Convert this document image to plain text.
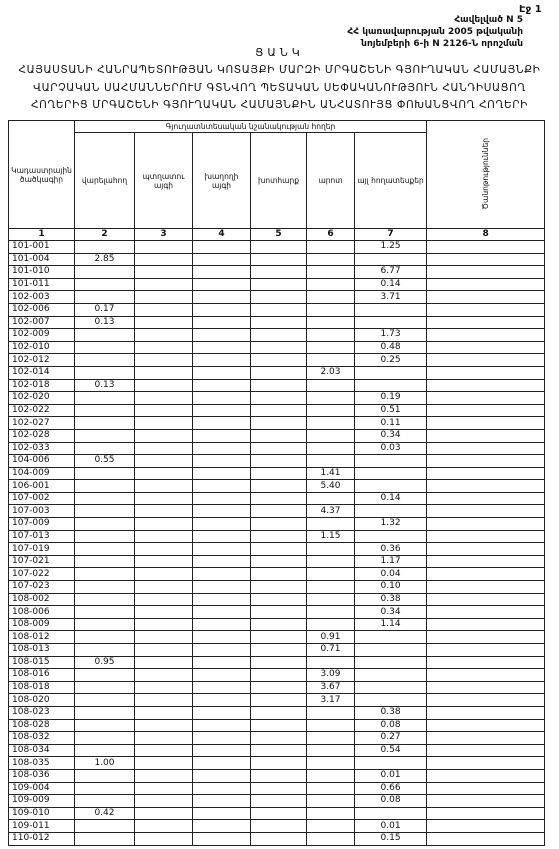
Էջ 1
Հավելված N 5
ՀՀ կառավարության 2005 թվականի
նոյեմբերի 6-ի N 2126-Ն որոշման
ՑԱՆԿ
ՀԱՅԱՍՏԱՆԻ ՀԱՆՐԱՊԵՏՈՒԹՅԱՆ ԿՈՏԱՅՔԻ ՄԱՐԶԻ ՄՐԳԱՇԵՆԻ ԳՅՈՒՂԱԿԱՆ ՀԱՄԱՅՆՔԻ
ՎԱՐՉԱԿԱՆ ՍԱՀՄԱՆՆԵՐՈՒՄ ԳՏՆՎՈՂ ՊԵՏԱԿԱՆ ՍԵՓԱԿԱՆՈՒԹՅՈՒՆ ՀԱՆԴԻՍԱՑՈՂ
ՀՈՂԵՐԻՑ ՄՐԳԱՇԵՆԻ ԳՅՈՒՂԱԿԱՆ ՀԱՄԱՅՆՔԻՆ ԱՆՀԱՏՈՒՅՑ ՓՈԽԱՆՑՎՈՂ ՀՈՂԵՐԻ
Կադաստրային ծածկագիր	Գյուղատնտեսական նշանակության հողեր						Ծանոթություններ
	վարելահող	պտղատու այգի	խաղողի այգի	խոտհարք	արոտ	այլ հողատեսքեր	
1	2	3	4	5	6	7	8
101-001						1.25	
101-004	2.85						
101-010						6.77	
101-011						0.14	
102-003						3.71	
102-006	0.17						
102-007	0.13						
102-009						1.73	
102-010						0.48	
102-012						0.25	
102-014					2.03		
102-018	0.13						
102-020						0.19	
102-022						0.51	
102-027						0.11	
102-028						0.34	
102-033						0.03	
104-006	0.55						
104-009					1.41		
106-001					5.40		
107-002						0.14	
107-003					4.37		
107-009						1.32	
107-013					1.15		
107-019						0.36	
107-021						1.17	
107-022						0.04	
107-023						0.10	
108-002						0.38	
108-006						0.34	
108-009						1.14	
108-012					0.91		
108-013					0.71		
108-015	0.95						
108-016					3.09		
108-018					3.67		
108-020					3.17		
108-023						0.38	
108-028						0.08	
108-032						0.27	
108-034						0.54	
108-035	1.00						
108-036						0.01	
109-004						0.66	
109-009						0.08	
109-010	0.42						
109-011						0.01	
110-012						0.15	
